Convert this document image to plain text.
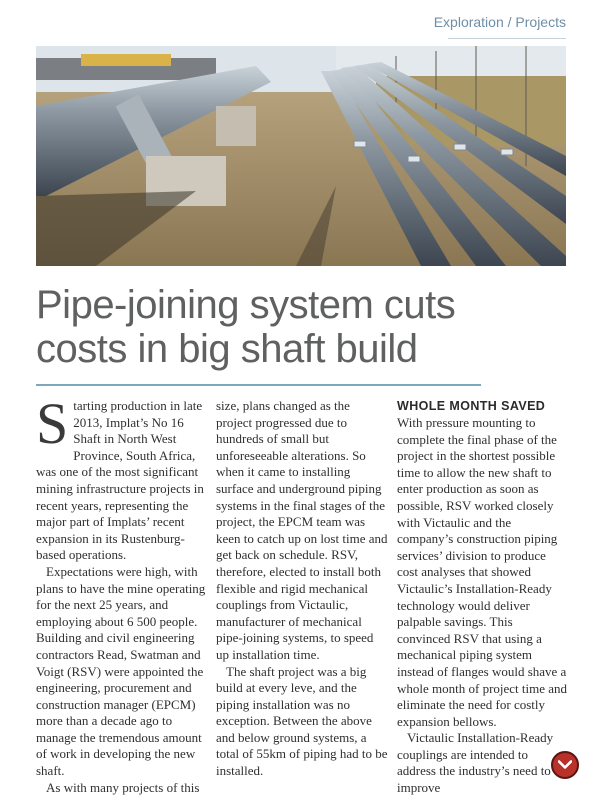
Exploration / Projects
Pipe-joining system cuts costs in big shaft build

Starting production in late 2013, Implat’s No 16 Shaft in North West Province, South Africa, was one of the most significant mining infrastructure projects in recent years, representing the major part of Implats’ recent expansion in its Rustenburg-based operations.

Expectations were high, with plans to have the mine operating for the next 25 years, and employing about 6 500 people. Building and civil engineering contractors Read, Swatman and Voigt (RSV) were appointed the engineering, procurement and construction manager (EPCM) more than a decade ago to manage the tremendous amount of work in developing the new shaft.

As with many projects of this

size, plans changed as the project progressed due to hundreds of small but unforeseeable alterations. So when it came to installing surface and underground piping systems in the final stages of the project, the EPCM team was keen to catch up on lost time and get back on schedule. RSV, therefore, elected to install both flexible and rigid mechanical couplings from Victaulic, manufacturer of mechanical pipe-joining systems, to speed up installation time.

The shaft project was a big build at every leve, and the piping installation was no exception. Between the above and below ground systems, a total of 55km of piping had to be installed.

WHOLE MONTH SAVED

With pressure mounting to complete the final phase of the project in the shortest possible time to allow the new shaft to enter production as soon as possible, RSV worked closely with Victaulic and the company’s construction piping services’ division to produce cost analyses that showed Victaulic’s Installation-Ready technology would deliver palpable savings. This convinced RSV that using a mechanical piping system instead of flanges would shave a whole month of project time and eliminate the need for costly expansion bellows.

Victaulic Installation-Ready couplings are intended to address the industry’s need to improve
